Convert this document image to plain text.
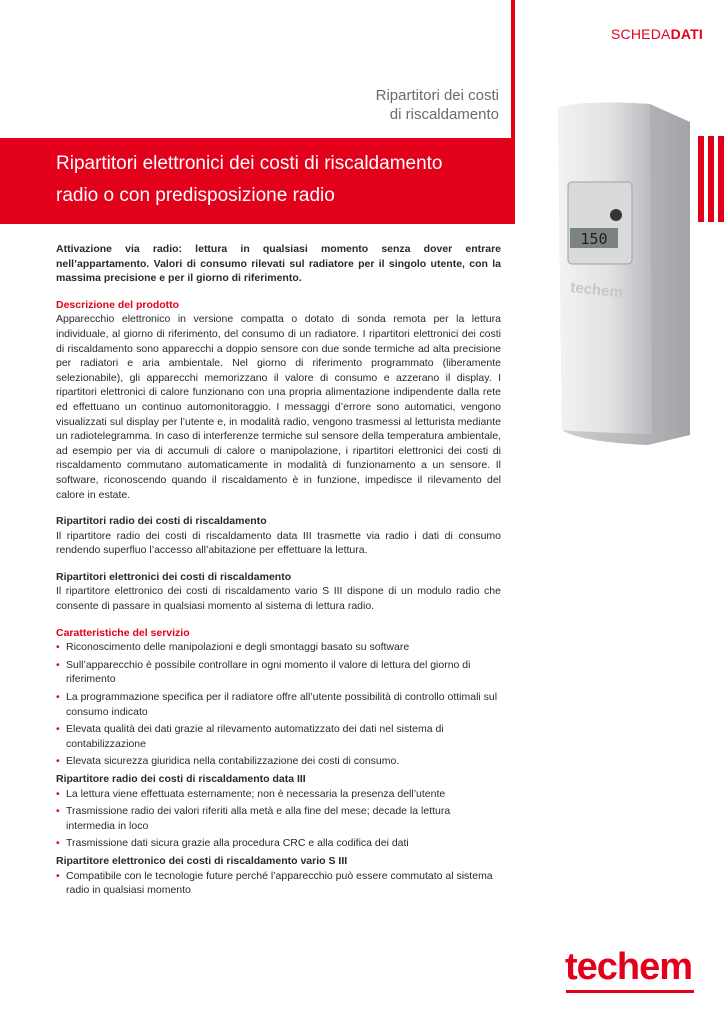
SCHEDADATI
Ripartitori dei costi
di riscaldamento
Ripartitori elettronici dei costi di riscaldamento
radio o con predisposizione radio
150
techem

Attivazione via radio: lettura in qualsiasi momento senza dover entrare nell’appartamento. Valori di consumo rilevati sul radiatore per il singolo utente, con la massima precisione e per il giorno di riferimento.

Descrizione del prodotto

Apparecchio elettronico in versione compatta o dotato di sonda remota per la lettura individuale, al giorno di riferimento, del consumo di un radiatore. I ripartitori elettronici dei costi di riscaldamento sono apparecchi a doppio sensore con due sonde termiche ad alta precisione per radiatori e aria ambientale. Nel giorno di riferimento programmato (liberamente selezionabile), gli apparecchi memorizzano il valore di consumo e azzerano il display. I ripartitori elettronici di calore funzionano con una propria alimentazione indipendente dalla rete ed effettuano un continuo automonitoraggio. I messaggi d’errore sono automatici, vengono visualizzati sul display per l’utente e, in modalità radio, vengono trasmessi al letturista mediante un radiotelegramma. In caso di interferenze termiche sul sensore della temperatura ambientale, ad esempio per via di accumuli di calore o manipolazione, i ripartitori elettronici dei costi di riscaldamento commutano automaticamente in modalità di funzionamento a un sensore. Il software, riconoscendo quando il riscaldamento è in funzione, impedisce il rilevamento del calore in estate.

Ripartitori radio dei costi di riscaldamento

Il ripartitore radio dei costi di riscaldamento data III trasmette via radio i dati di consumo rendendo superfluo l’accesso all’abitazione per effettuare la lettura.

Ripartitori elettronici dei costi di riscaldamento

Il ripartitore elettronico dei costi di riscaldamento vario S III dispone di un modulo radio che consente di passare in qualsiasi momento al sistema di lettura radio.

Caratteristiche del servizio

• Riconoscimento delle manipolazioni e degli smontaggi basato su software
• Sull’apparecchio è possibile controllare in ogni momento il valore di lettura del giorno di riferimento
• La programmazione specifica per il radiatore offre all’utente possibilità di controllo ottimali sul consumo indicato
• Elevata qualità dei dati grazie al rilevamento automatizzato dei dati nel sistema di contabilizzazione
• Elevata sicurezza giuridica nella contabilizzazione dei costi di consumo.

Ripartitore radio dei costi di riscaldamento data III

• La lettura viene effettuata esternamente; non è necessaria la presenza dell’utente
• Trasmissione radio dei valori riferiti alla metà e alla fine del mese; decade la lettura intermedia in loco
• Trasmissione dati sicura grazie alla procedura CRC e alla codifica dei dati

Ripartitore elettronico dei costi di riscaldamento vario S III

• Compatibile con le tecnologie future perché l’apparecchio può essere commutato al sistema radio in qualsiasi momento
techem
